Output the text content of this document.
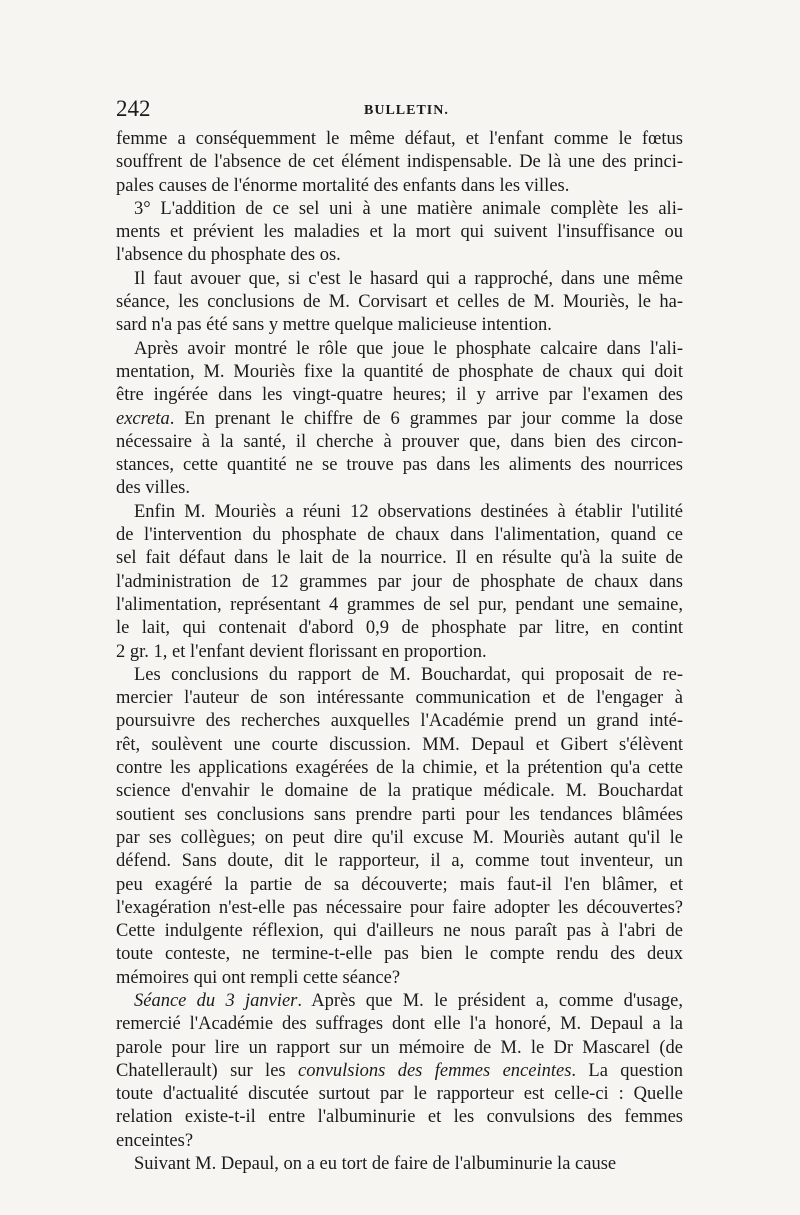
242	BULLETIN.

femme a conséquemment le même défaut, et l'enfant comme le fœtus
souffrent de l'absence de cet élément indispensable. De là une des princi-
pales causes de l'énorme mortalité des enfants dans les villes.

3° L'addition de ce sel uni à une matière animale complète les ali-
ments et prévient les maladies et la mort qui suivent l'insuffisance ou
l'absence du phosphate des os.

Il faut avouer que, si c'est le hasard qui a rapproché, dans une même
séance, les conclusions de M. Corvisart et celles de M. Mouriès, le ha-
sard n'a pas été sans y mettre quelque malicieuse intention.

Après avoir montré le rôle que joue le phosphate calcaire dans l'ali-
mentation, M. Mouriès fixe la quantité de phosphate de chaux qui doit
être ingérée dans les vingt-quatre heures; il y arrive par l'examen des
excreta. En prenant le chiffre de 6 grammes par jour comme la dose
nécessaire à la santé, il cherche à prouver que, dans bien des circon-
stances, cette quantité ne se trouve pas dans les aliments des nourrices
des villes.

Enfin M. Mouriès a réuni 12 observations destinées à établir l'utilité
de l'intervention du phosphate de chaux dans l'alimentation, quand ce
sel fait défaut dans le lait de la nourrice. Il en résulte qu'à la suite de
l'administration de 12 grammes par jour de phosphate de chaux dans
l'alimentation, représentant 4 grammes de sel pur, pendant une semaine,
le lait, qui contenait d'abord 0,9 de phosphate par litre, en contint
2 gr. 1, et l'enfant devient florissant en proportion.

Les conclusions du rapport de M. Bouchardat, qui proposait de re-
mercier l'auteur de son intéressante communication et de l'engager à
poursuivre des recherches auxquelles l'Académie prend un grand inté-
rêt, soulèvent une courte discussion. MM. Depaul et Gibert s'élèvent
contre les applications exagérées de la chimie, et la prétention qu'a cette
science d'envahir le domaine de la pratique médicale. M. Bouchardat
soutient ses conclusions sans prendre parti pour les tendances blâmées
par ses collègues; on peut dire qu'il excuse M. Mouriès autant qu'il le
défend. Sans doute, dit le rapporteur, il a, comme tout inventeur, un
peu exagéré la partie de sa découverte; mais faut-il l'en blâmer, et
l'exagération n'est-elle pas nécessaire pour faire adopter les découvertes?
Cette indulgente réflexion, qui d'ailleurs ne nous paraît pas à l'abri de
toute conteste, ne termine-t-elle pas bien le compte rendu des deux
mémoires qui ont rempli cette séance?

Séance du 3 janvier. Après que M. le président a, comme d'usage,
remercié l'Académie des suffrages dont elle l'a honoré, M. Depaul a la
parole pour lire un rapport sur un mémoire de M. le Dr Mascarel (de
Chatellerault) sur les convulsions des femmes enceintes. La question
toute d'actualité discutée surtout par le rapporteur est celle-ci : Quelle
relation existe-t-il entre l'albuminurie et les convulsions des femmes
enceintes?

Suivant M. Depaul, on a eu tort de faire de l'albuminurie la cause
